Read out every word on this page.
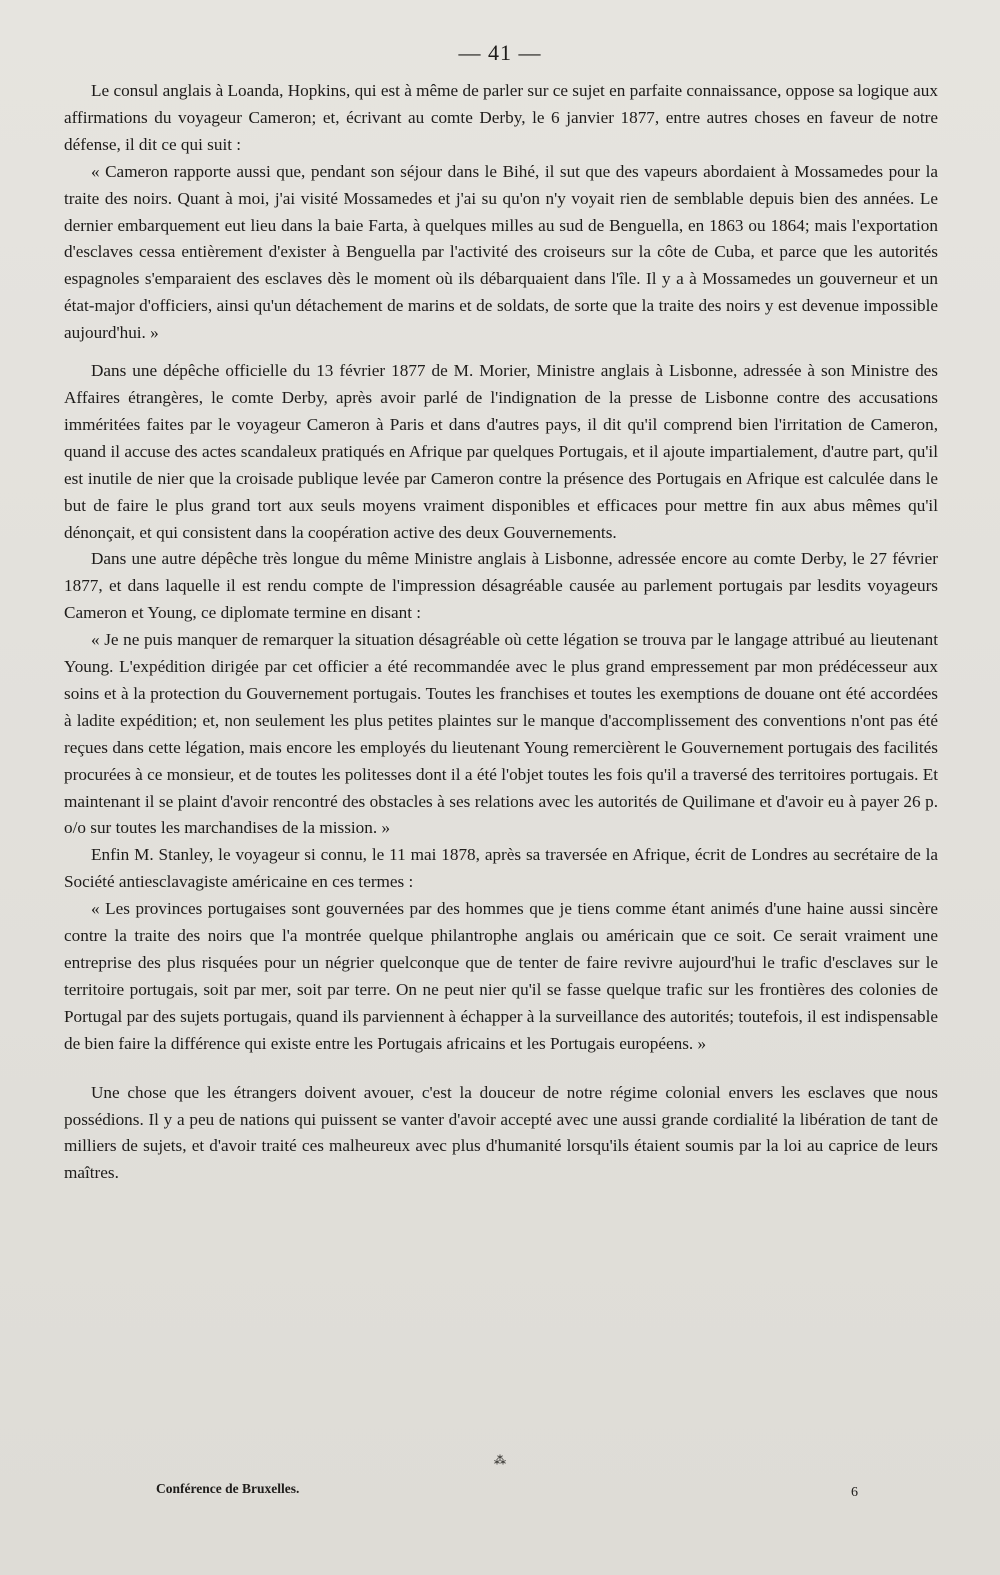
— 41 —

Le consul anglais à Loanda, Hopkins, qui est à même de parler sur ce sujet en parfaite connaissance, oppose sa logique aux affirmations du voyageur Cameron; et, écrivant au comte Derby, le 6 janvier 1877, entre autres choses en faveur de notre défense, il dit ce qui suit :

« Cameron rapporte aussi que, pendant son séjour dans le Bihé, il sut que des vapeurs abordaient à Mossamedes pour la traite des noirs. Quant à moi, j'ai visité Mossamedes et j'ai su qu'on n'y voyait rien de semblable depuis bien des années. Le dernier embarquement eut lieu dans la baie Farta, à quelques milles au sud de Benguella, en 1863 ou 1864; mais l'exportation d'esclaves cessa entièrement d'exister à Benguella par l'activité des croiseurs sur la côte de Cuba, et parce que les autorités espagnoles s'emparaient des esclaves dès le moment où ils débarquaient dans l'île. Il y a à Mossamedes un gouverneur et un état-major d'officiers, ainsi qu'un détachement de marins et de soldats, de sorte que la traite des noirs y est devenue impossible aujourd'hui. »

Dans une dépêche officielle du 13 février 1877 de M. Morier, Ministre anglais à Lisbonne, adressée à son Ministre des Affaires étrangères, le comte Derby, après avoir parlé de l'indignation de la presse de Lisbonne contre des accusations imméritées faites par le voyageur Cameron à Paris et dans d'autres pays, il dit qu'il comprend bien l'irritation de Cameron, quand il accuse des actes scandaleux pratiqués en Afrique par quelques Portugais, et il ajoute impartialement, d'autre part, qu'il est inutile de nier que la croisade publique levée par Cameron contre la présence des Portugais en Afrique est calculée dans le but de faire le plus grand tort aux seuls moyens vraiment disponibles et efficaces pour mettre fin aux abus mêmes qu'il dénonçait, et qui consistent dans la coopération active des deux Gouvernements.

Dans une autre dépêche très longue du même Ministre anglais à Lisbonne, adressée encore au comte Derby, le 27 février 1877, et dans laquelle il est rendu compte de l'impression désagréable causée au parlement portugais par lesdits voyageurs Cameron et Young, ce diplomate termine en disant :

« Je ne puis manquer de remarquer la situation désagréable où cette légation se trouva par le langage attribué au lieutenant Young. L'expédition dirigée par cet officier a été recommandée avec le plus grand empressement par mon prédécesseur aux soins et à la protection du Gouvernement portugais. Toutes les franchises et toutes les exemptions de douane ont été accordées à ladite expédition; et, non seulement les plus petites plaintes sur le manque d'accomplissement des conventions n'ont pas été reçues dans cette légation, mais encore les employés du lieutenant Young remercièrent le Gouvernement portugais des facilités procurées à ce monsieur, et de toutes les politesses dont il a été l'objet toutes les fois qu'il a traversé des territoires portugais. Et maintenant il se plaint d'avoir rencontré des obstacles à ses relations avec les autorités de Quilimane et d'avoir eu à payer 26 p. o/o sur toutes les marchandises de la mission. »

Enfin M. Stanley, le voyageur si connu, le 11 mai 1878, après sa traversée en Afrique, écrit de Londres au secrétaire de la Société antiesclavagiste américaine en ces termes :

« Les provinces portugaises sont gouvernées par des hommes que je tiens comme étant animés d'une haine aussi sincère contre la traite des noirs que l'a montrée quelque philantrophe anglais ou américain que ce soit. Ce serait vraiment une entreprise des plus risquées pour un négrier quelconque que de tenter de faire revivre aujourd'hui le trafic d'esclaves sur le territoire portugais, soit par mer, soit par terre. On ne peut nier qu'il se fasse quelque trafic sur les frontières des colonies de Portugal par des sujets portugais, quand ils parviennent à échapper à la surveillance des autorités; toutefois, il est indispensable de bien faire la différence qui existe entre les Portugais africains et les Portugais européens. »

Une chose que les étrangers doivent avouer, c'est la douceur de notre régime colonial envers les esclaves que nous possédions. Il y a peu de nations qui puissent se vanter d'avoir accepté avec une aussi grande cordialité la libération de tant de milliers de sujets, et d'avoir traité ces malheureux avec plus d'humanité lorsqu'ils étaient soumis par la loi au caprice de leurs maîtres.

⁂
Conférence de Bruxelles.	6
